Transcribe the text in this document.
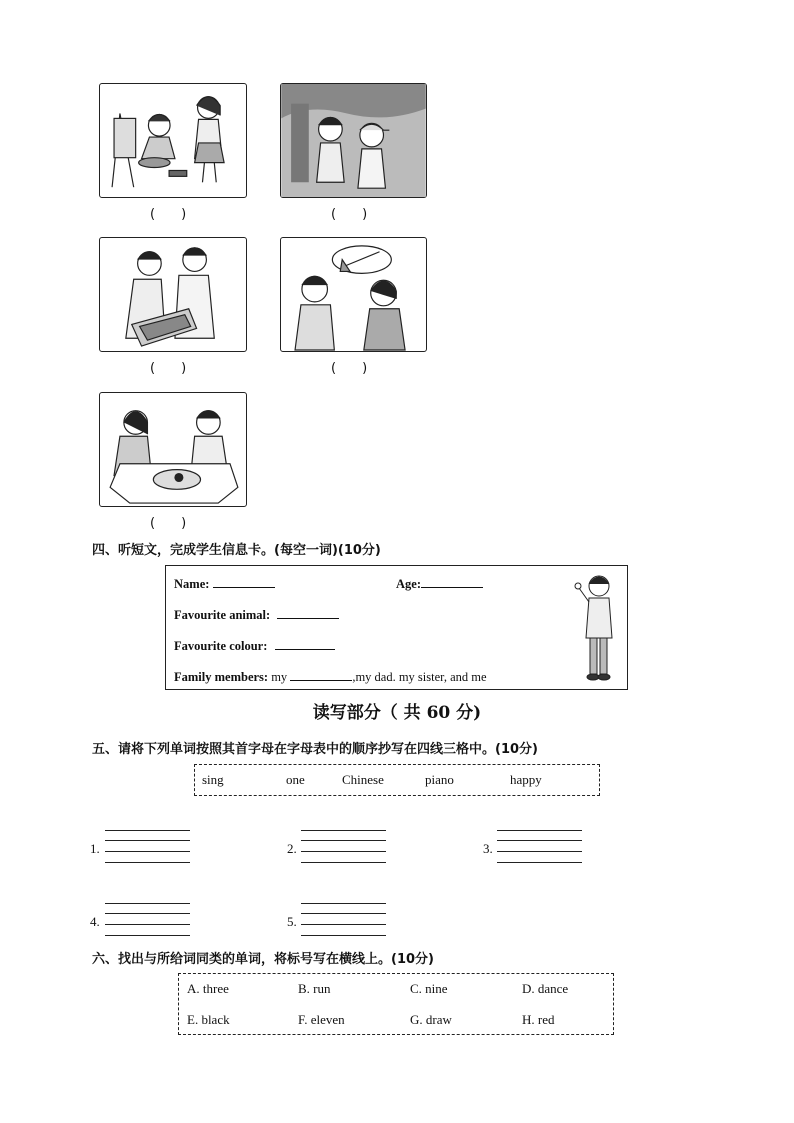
(　　)	(　　)
(　　)	(　　)
(　　)
四、听短文，完成学生信息卡。(每空一词)(10分)
Name:	Age:
Favourite animal:
Favourite colour:
Family members: my	,my dad. my sister, and me
读写部分（ 共 60 分)
五、请将下列单词按照其首字母在字母表中的顺序抄写在四线三格中。(10分)
sing	one	Chinese	piano	happy
1.	2.	3.
4.	5.
六、找出与所给词同类的单词，将标号写在横线上。(10分)
A. three	B. run	C. nine	D. dance
E. black	F. eleven	G. draw	H. red
